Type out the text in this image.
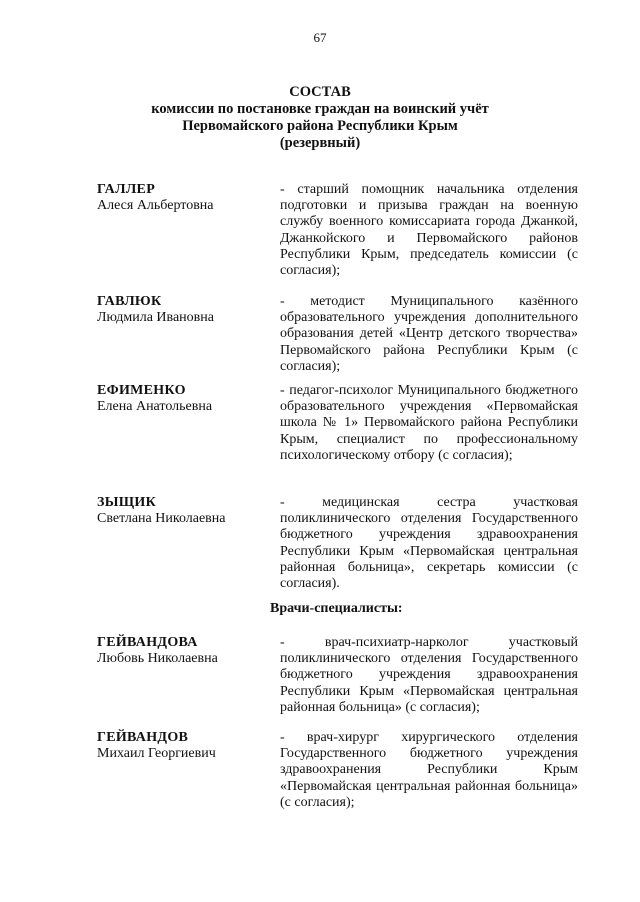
67
СОСТАВ
комиссии по постановке граждан на воинский учёт
Первомайского района Республики Крым
(резервный)
ГАЛЛЕР
Алеся Альбертовна
- старший помощник начальника отделения подготовки и призыва граждан на военную службу военного комиссариата города Джанкой, Джанкойского и Первомайского районов Республики Крым, председатель комиссии (с согласия);
ГАВЛЮК
Людмила Ивановна
- методист Муниципального казённого образовательного учреждения дополнительного образования детей «Центр детского творчества» Первомайского района Республики Крым (с согласия);
ЕФИМЕНКО
Елена Анатольевна
- педагог-психолог Муниципального бюджетного образовательного учреждения «Первомайская школа № 1» Первомайского района Республики Крым, специалист по профессиональному психологическому отбору (с согласия);
ЗЫЩИК
Светлана Николаевна
- медицинская сестра участковая поликлинического отделения Государственного бюджетного учреждения здравоохранения Республики Крым «Первомайская центральная районная больница», секретарь комиссии (с согласия).
Врачи-специалисты:
ГЕЙВАНДОВА
Любовь Николаевна
- врач-психиатр-нарколог участковый поликлинического отделения Государственного бюджетного учреждения здравоохранения Республики Крым «Первомайская центральная районная больница» (с согласия);
ГЕЙВАНДОВ
Михаил Георгиевич
- врач-хирург хирургического отделения Государственного бюджетного учреждения здравоохранения Республики Крым «Первомайская центральная районная больница» (с согласия);
